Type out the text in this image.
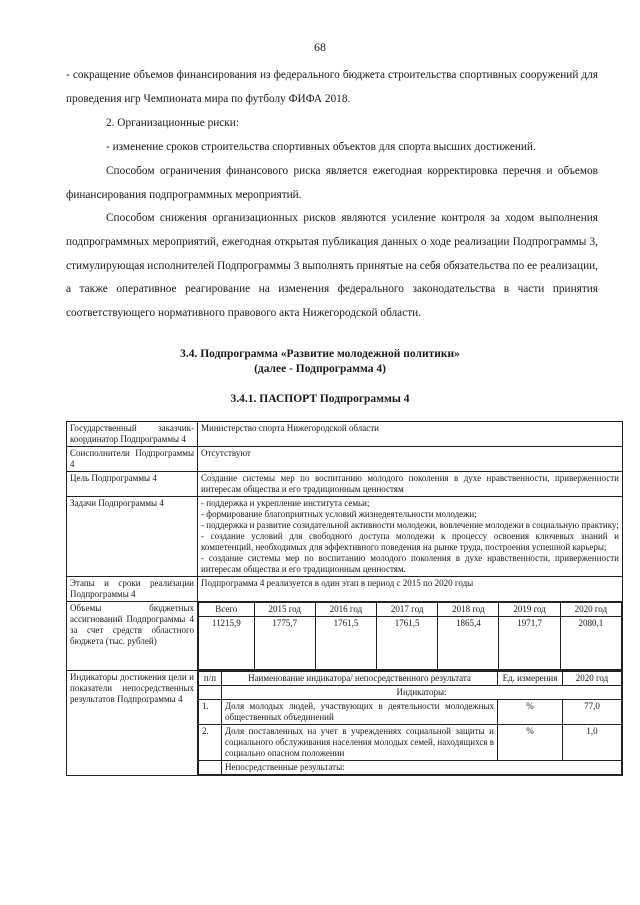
68

- сокращение объемов финансирования из федерального бюджета строительства спортивных сооружений для проведения игр Чемпионата мира по футболу ФИФА 2018.

2. Организационные риски:

- изменение сроков строительства спортивных объектов для спорта высших достижений.

Способом ограничения финансового риска является ежегодная корректировка перечня и объемов финансирования подпрограммных мероприятий.

Способом снижения организационных рисков являются усиление контроля за ходом выполнения подпрограммных мероприятий, ежегодная открытая публикация данных о ходе реализации Подпрограммы 3, стимулирующая исполнителей Подпрограммы 3 выполнять принятые на себя обязательства по ее реализации, а также оперативное реагирование на изменения федерального законодательства в части принятия соответствующего нормативного правового акта Нижегородской области.

3.4. Подпрограмма «Развитие молодежной политики»
(далее - Подпрограмма 4)

3.4.1. ПАСПОРТ Подпрограммы 4

Государственный заказчик-координатор Подпрограммы 4	Министерство спорта Нижегородской области
Соисполнители Подпрограммы 4	Отсутствуют
Цель Подпрограммы 4	Создание системы мер по воспитанию молодого поколения в духе нравственности, приверженности интересам общества и его традиционным ценностям
Задачи Подпрограммы 4	- поддержка и укрепление института семьи;
- формирование благоприятных условий жизнедеятельности молодежи;
- поддержка и развитие созидательной активности молодежи, вовлечение молодежи в социальную практику;
- создание условий для свободного доступа молодежи к процессу освоения ключевых знаний и компетенций, необходимых для эффективного поведения на рынке труда, построения успешной карьеры;
- создание системы мер по воспитанию молодого поколения в духе нравственности, приверженности интересам общества и его традиционным ценностям.

Этапы и сроки реализации Подпрограммы 4	Подпрограмма 4 реализуется в один этап в период с 2015 по 2020 годы
Объемы бюджетных ассигнований Подпрограммы 4 за счет средств областного бюджета (тыс. рублей)	
Всего	2015 год	2016 год	2017 год	2018 год	2019 год	2020 год
11215,9	1775,7	1761,5	1761,5	1865,4	1971,7	2080,1

Индикаторы достижения цели и показатели непосредственных результатов Подпрограммы 4	
п/п	Наименование индикатора/ непосредственного результата	Ед. измерения	2020 год
	Индикаторы:
1.	Доля молодых людей, участвующих в деятельности молодежных общественных объединений	%	77,0
2.	Доля поставленных на учет в учреждениях социальной защиты и социального обслуживания населения молодых семей, находящихся в социально опасном положении	%	1,0
	Непосредственные результаты:
